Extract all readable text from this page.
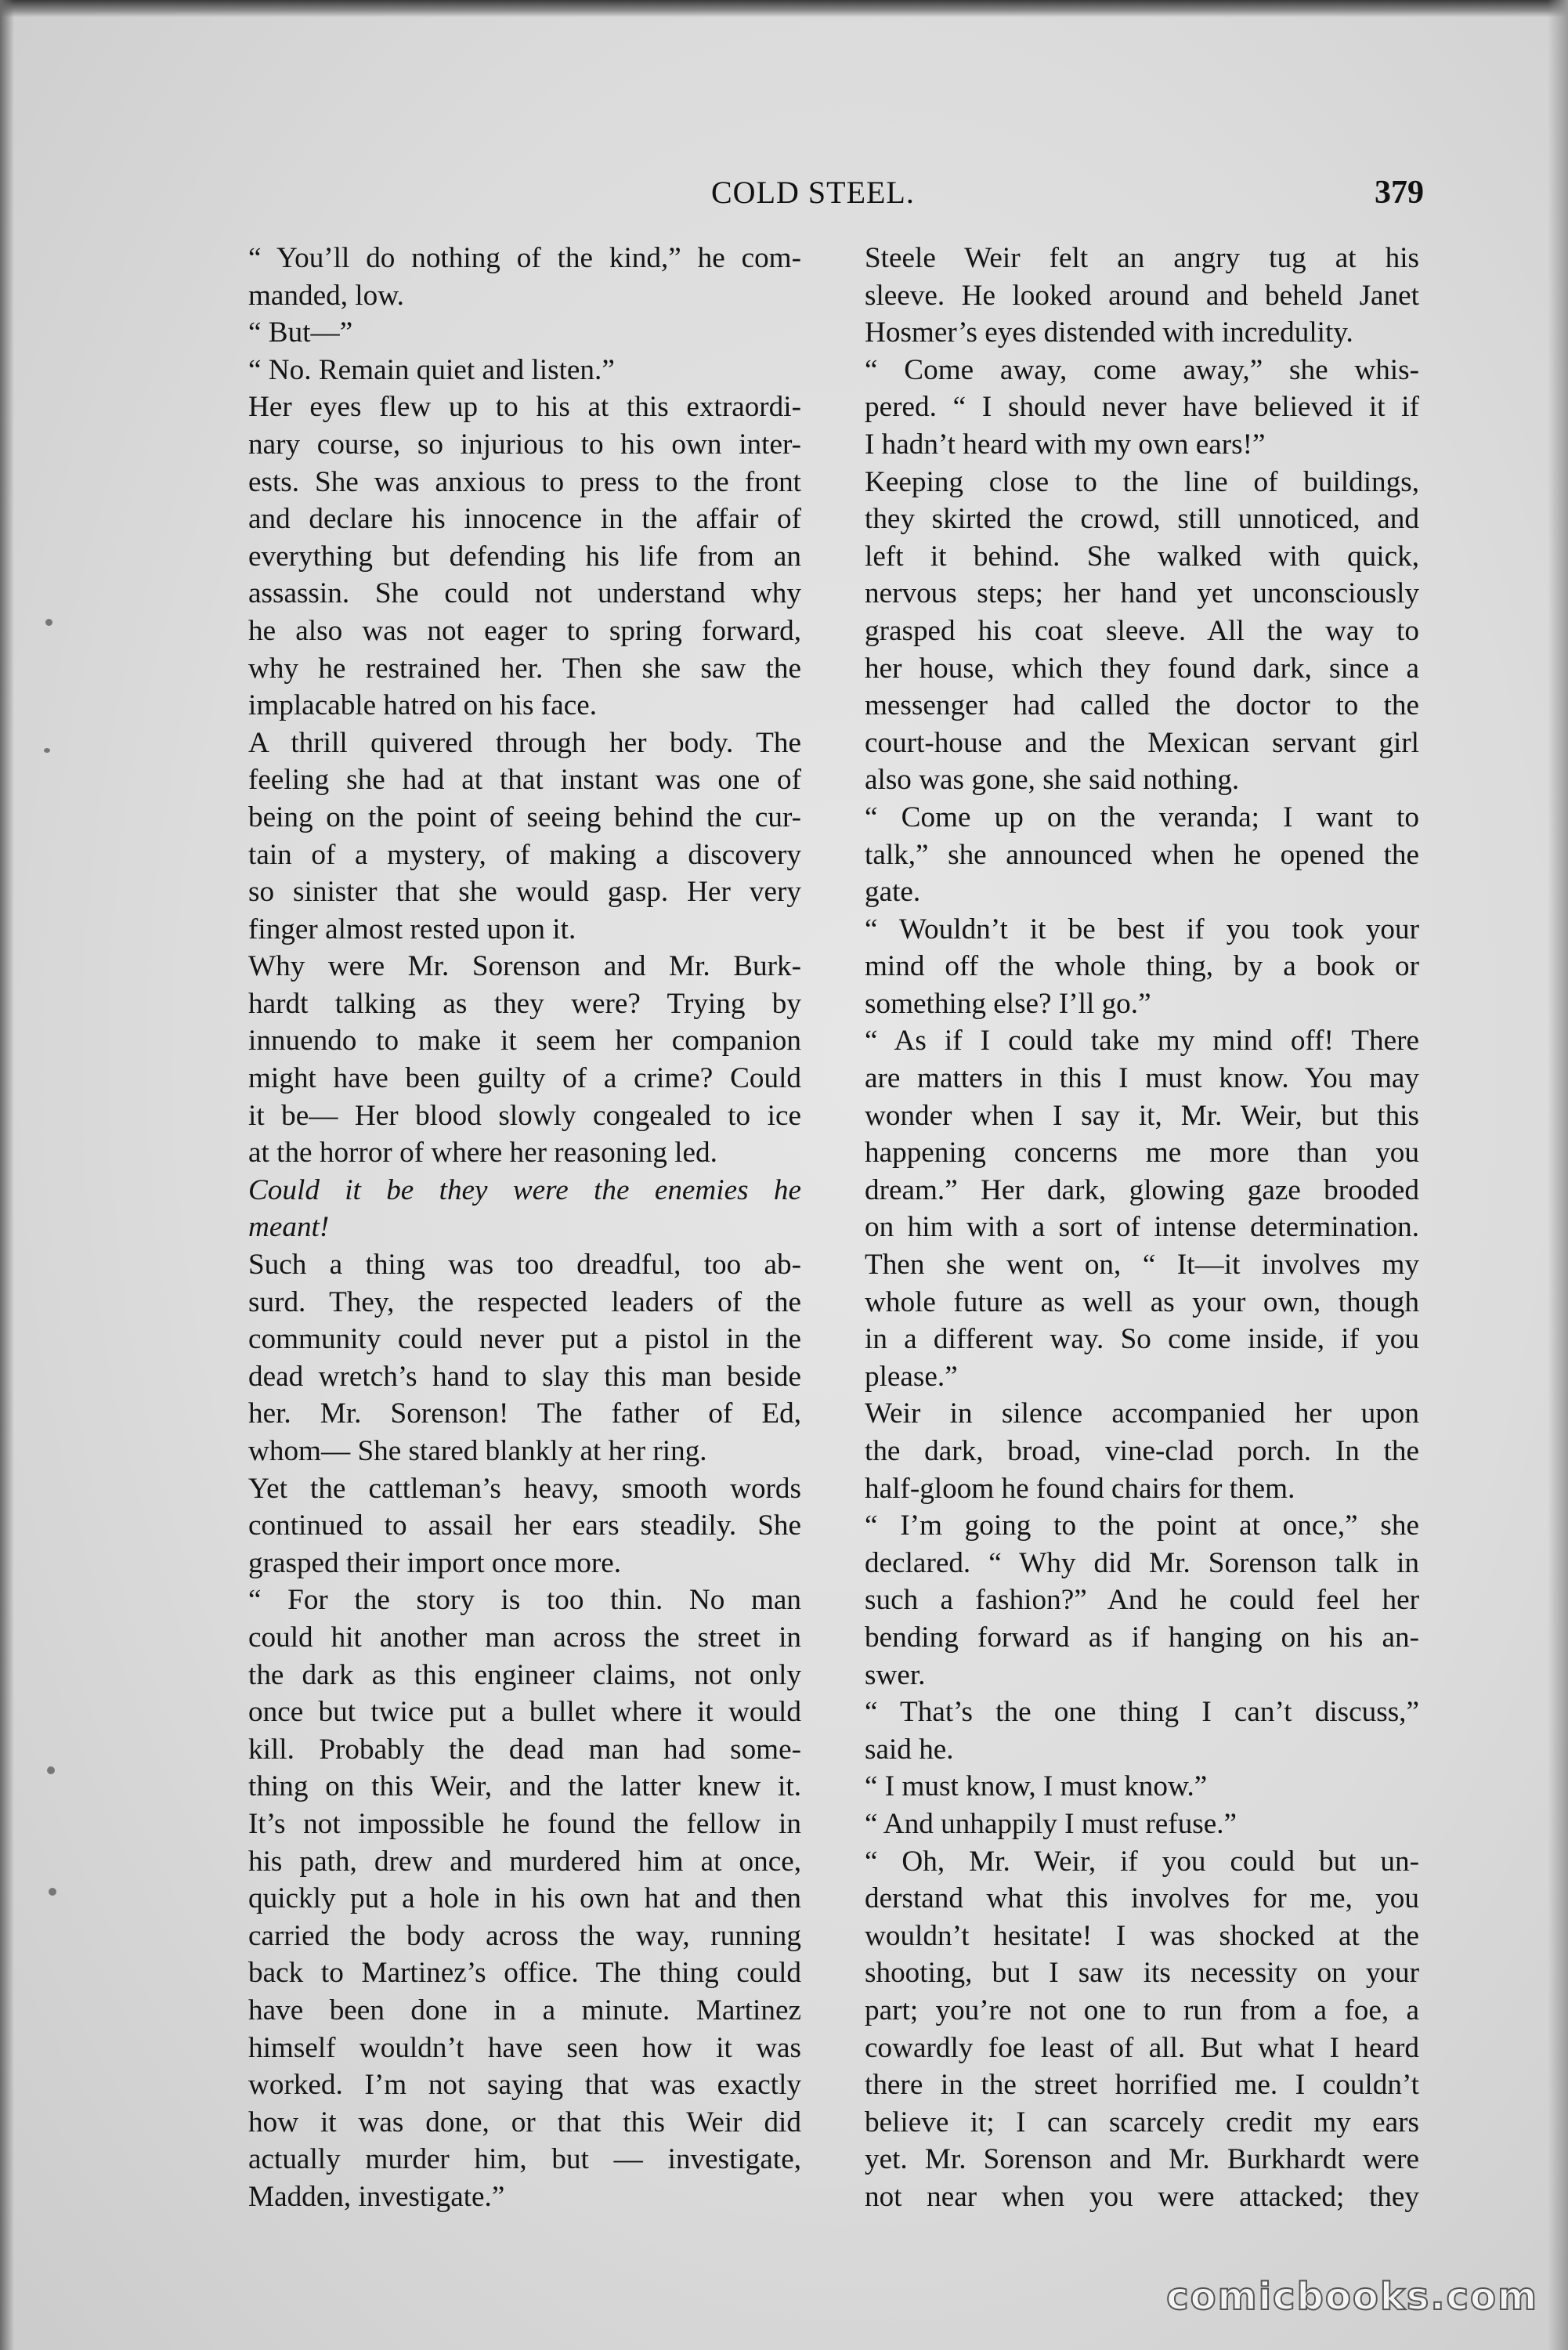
COLD STEEL.	379

“ You’ll do nothing of the kind,” he com-
manded, low.

“ But—”

“ No. Remain quiet and listen.”

Her eyes flew up to his at this extraordi-
nary course, so injurious to his own inter-
ests. She was anxious to press to the front
and declare his innocence in the affair of
everything but defending his life from an
assassin. She could not understand why
he also was not eager to spring forward,
why he restrained her. Then she saw the
implacable hatred on his face.

A thrill quivered through her body. The
feeling she had at that instant was one of
being on the point of seeing behind the cur-
tain of a mystery, of making a discovery
so sinister that she would gasp. Her very
finger almost rested upon it.

Why were Mr. Sorenson and Mr. Burk-
hardt talking as they were? Trying by
innuendo to make it seem her companion
might have been guilty of a crime? Could
it be— Her blood slowly congealed to ice
at the horror of where her reasoning led.

Could it be they were the enemies he
meant!

Such a thing was too dreadful, too ab-
surd. They, the respected leaders of the
community could never put a pistol in the
dead wretch’s hand to slay this man beside
her. Mr. Sorenson! The father of Ed,
whom— She stared blankly at her ring.

Yet the cattleman’s heavy, smooth words
continued to assail her ears steadily. She
grasped their import once more.

“ For the story is too thin. No man
could hit another man across the street in
the dark as this engineer claims, not only
once but twice put a bullet where it would
kill. Probably the dead man had some-
thing on this Weir, and the latter knew it.
It’s not impossible he found the fellow in
his path, drew and murdered him at once,
quickly put a hole in his own hat and then
carried the body across the way, running
back to Martinez’s office. The thing could
have been done in a minute. Martinez
himself wouldn’t have seen how it was
worked. I’m not saying that was exactly
how it was done, or that this Weir did
actually murder him, but — investigate,
Madden, investigate.”

Steele Weir felt an angry tug at his
sleeve. He looked around and beheld Janet
Hosmer’s eyes distended with incredulity.

“ Come away, come away,” she whis-
pered. “ I should never have believed it if
I hadn’t heard with my own ears!”

Keeping close to the line of buildings,
they skirted the crowd, still unnoticed, and
left it behind. She walked with quick,
nervous steps; her hand yet unconsciously
grasped his coat sleeve. All the way to
her house, which they found dark, since a
messenger had called the doctor to the
court-house and the Mexican servant girl
also was gone, she said nothing.

“ Come up on the veranda; I want to
talk,” she announced when he opened the
gate.

“ Wouldn’t it be best if you took your
mind off the whole thing, by a book or
something else? I’ll go.”

“ As if I could take my mind off! There
are matters in this I must know. You may
wonder when I say it, Mr. Weir, but this
happening concerns me more than you
dream.” Her dark, glowing gaze brooded
on him with a sort of intense determination.
Then she went on, “ It—it involves my
whole future as well as your own, though
in a different way. So come inside, if you
please.”

Weir in silence accompanied her upon
the dark, broad, vine-clad porch. In the
half-gloom he found chairs for them.

“ I’m going to the point at once,” she
declared. “ Why did Mr. Sorenson talk in
such a fashion?” And he could feel her
bending forward as if hanging on his an-
swer.

“ That’s the one thing I can’t discuss,”
said he.

“ I must know, I must know.”

“ And unhappily I must refuse.”

“ Oh, Mr. Weir, if you could but un-
derstand what this involves for me, you
wouldn’t hesitate! I was shocked at the
shooting, but I saw its necessity on your
part; you’re not one to run from a foe, a
cowardly foe least of all. But what I heard
there in the street horrified me. I couldn’t
believe it; I can scarcely credit my ears
yet. Mr. Sorenson and Mr. Burkhardt were
not near when you were attacked; they

comicbooks.com
